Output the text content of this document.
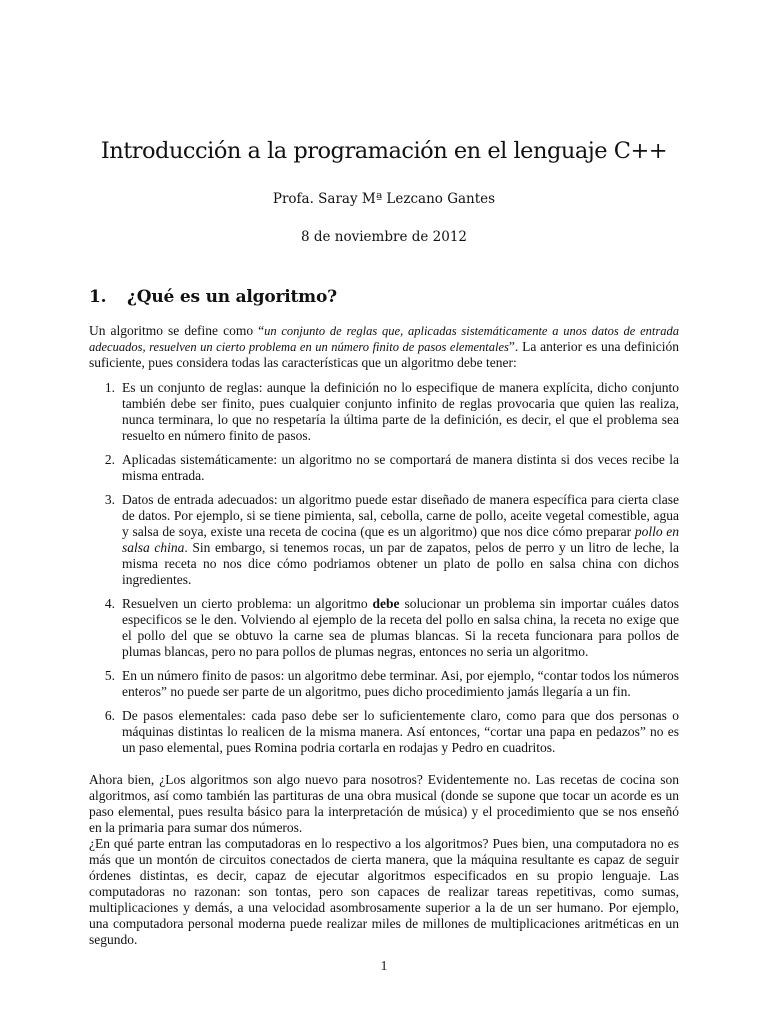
Introducción a la programación en el lenguaje C++
Profa. Saray Mª Lezcano Gantes
8 de noviembre de 2012
1. ¿Qué es un algoritmo?
Un algoritmo se define como “un conjunto de reglas que, aplicadas sistemáticamente a unos datos de entrada adecuados, resuelven un cierto problema en un número finito de pasos elementales”. La anterior es una definición suficiente, pues considera todas las características que un algoritmo debe tener:
1. Es un conjunto de reglas: aunque la definición no lo especifique de manera explícita, dicho conjunto también debe ser finito, pues cualquier conjunto infinito de reglas provocaria que quien las realiza, nunca terminara, lo que no respetaría la última parte de la definición, es decir, el que el problema sea resuelto en número finito de pasos.
2. Aplicadas sistemáticamente: un algoritmo no se comportará de manera distinta si dos veces recibe la misma entrada.
3. Datos de entrada adecuados: un algoritmo puede estar diseñado de manera específica para cierta clase de datos. Por ejemplo, si se tiene pimienta, sal, cebolla, carne de pollo, aceite vegetal comestible, agua y salsa de soya, existe una receta de cocina (que es un algoritmo) que nos dice cómo preparar pollo en salsa china. Sin embargo, si tenemos rocas, un par de zapatos, pelos de perro y un litro de leche, la misma receta no nos dice cómo podriamos obtener un plato de pollo en salsa china con dichos ingredientes.
4. Resuelven un cierto problema: un algoritmo debe solucionar un problema sin importar cuáles datos especificos se le den. Volviendo al ejemplo de la receta del pollo en salsa china, la receta no exige que el pollo del que se obtuvo la carne sea de plumas blancas. Si la receta funcionara para pollos de plumas blancas, pero no para pollos de plumas negras, entonces no seria un algoritmo.
5. En un número finito de pasos: un algoritmo debe terminar. Asi, por ejemplo, “contar todos los números enteros” no puede ser parte de un algoritmo, pues dicho procedimiento jamás llegaría a un fin.
6. De pasos elementales: cada paso debe ser lo suficientemente claro, como para que dos personas o máquinas distintas lo realicen de la misma manera. Así entonces, “cortar una papa en pedazos” no es un paso elemental, pues Romina podria cortarla en rodajas y Pedro en cuadritos.
Ahora bien, ¿Los algoritmos son algo nuevo para nosotros? Evidentemente no. Las recetas de cocina son algoritmos, así como también las partituras de una obra musical (donde se supone que tocar un acorde es un paso elemental, pues resulta básico para la interpretación de música) y el procedimiento que se nos enseñó en la primaria para sumar dos números.
¿En qué parte entran las computadoras en lo respectivo a los algoritmos? Pues bien, una computadora no es más que un montón de circuitos conectados de cierta manera, que la máquina resultante es capaz de seguir órdenes distintas, es decir, capaz de ejecutar algoritmos especificados en su propio lenguaje. Las computadoras no razonan: son tontas, pero son capaces de realizar tareas repetitivas, como sumas, multiplicaciones y demás, a una velocidad asombrosamente superior a la de un ser humano. Por ejemplo, una computadora personal moderna puede realizar miles de millones de multiplicaciones aritméticas en un segundo.
1
